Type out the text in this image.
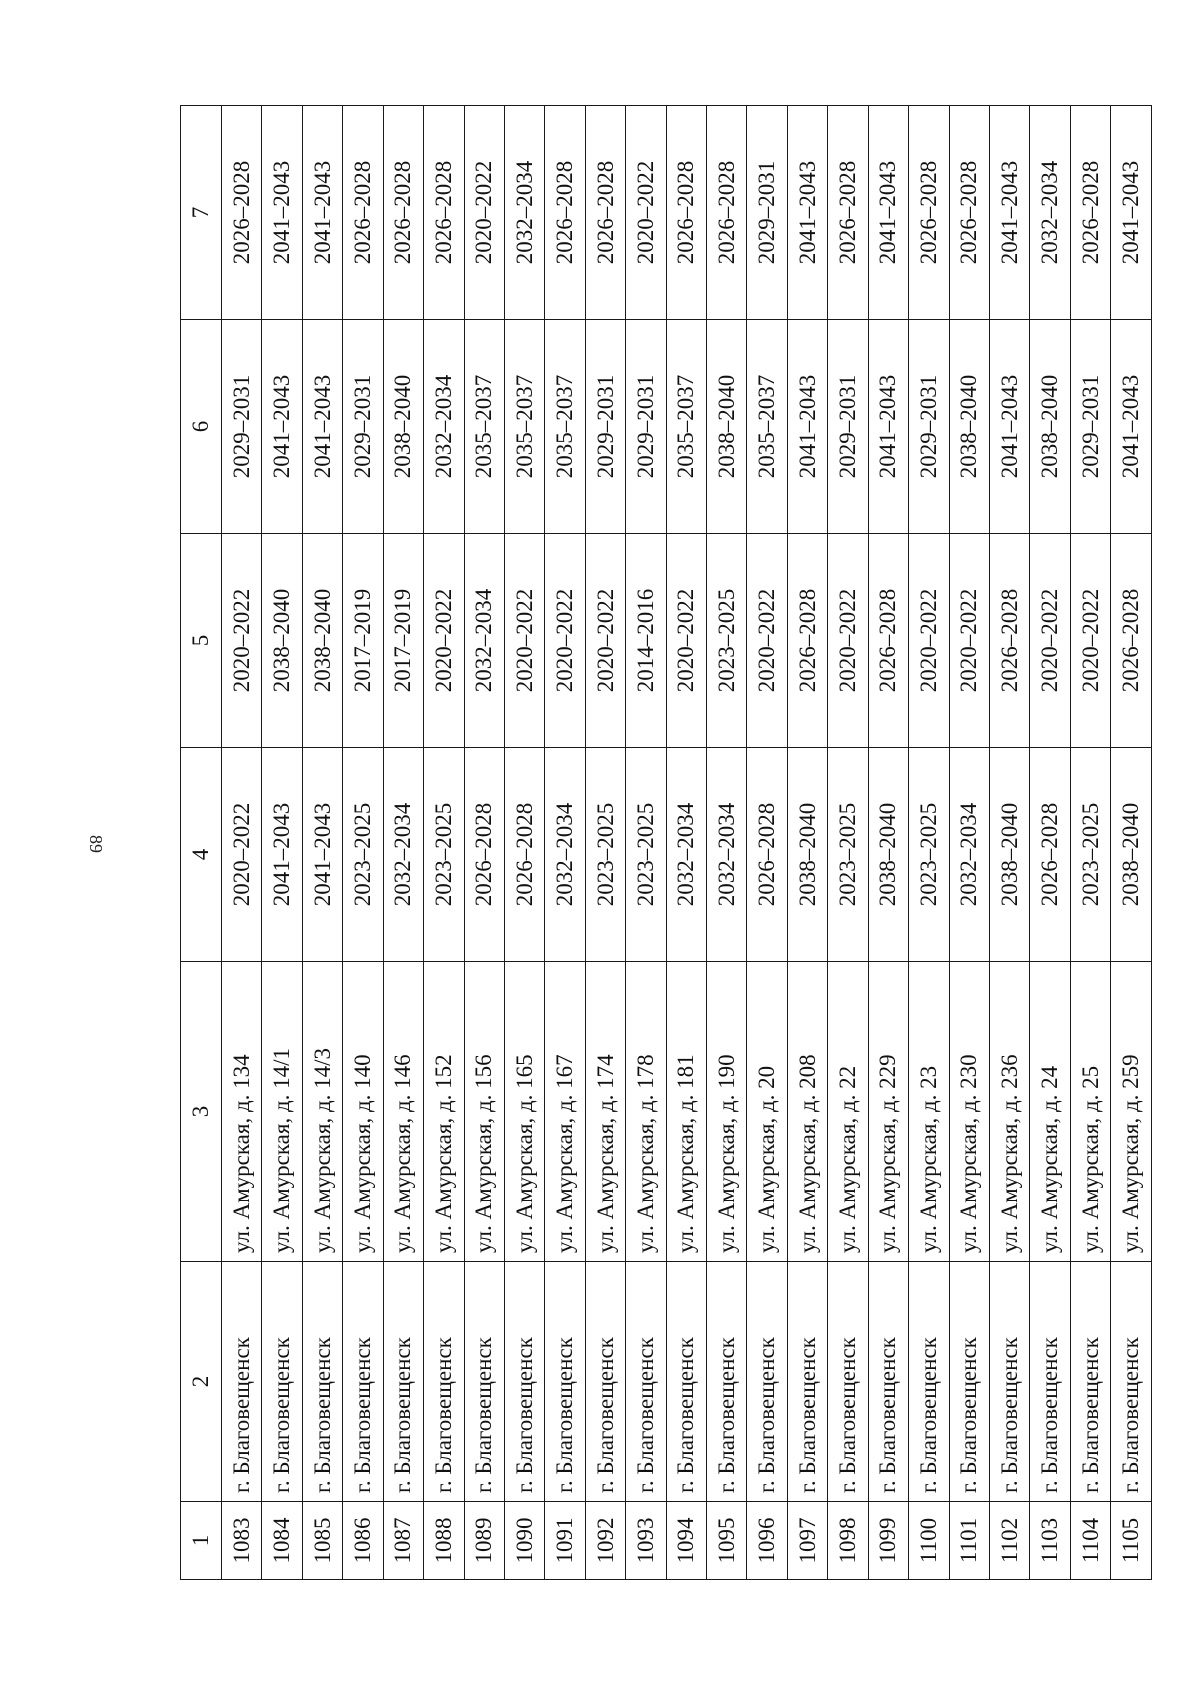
89
1	2	3	4	5	6	7
1083	г. Благовещенск	ул. Амурская, д. 134	2020–2022	2020–2022	2029–2031	2026–2028
1084	г. Благовещенск	ул. Амурская, д. 14/1	2041–2043	2038–2040	2041–2043	2041–2043
1085	г. Благовещенск	ул. Амурская, д. 14/3	2041–2043	2038–2040	2041–2043	2041–2043
1086	г. Благовещенск	ул. Амурская, д. 140	2023–2025	2017–2019	2029–2031	2026–2028
1087	г. Благовещенск	ул. Амурская, д. 146	2032–2034	2017–2019	2038–2040	2026–2028
1088	г. Благовещенск	ул. Амурская, д. 152	2023–2025	2020–2022	2032–2034	2026–2028
1089	г. Благовещенск	ул. Амурская, д. 156	2026–2028	2032–2034	2035–2037	2020–2022
1090	г. Благовещенск	ул. Амурская, д. 165	2026–2028	2020–2022	2035–2037	2032–2034
1091	г. Благовещенск	ул. Амурская, д. 167	2032–2034	2020–2022	2035–2037	2026–2028
1092	г. Благовещенск	ул. Амурская, д. 174	2023–2025	2020–2022	2029–2031	2026–2028
1093	г. Благовещенск	ул. Амурская, д. 178	2023–2025	2014–2016	2029–2031	2020–2022
1094	г. Благовещенск	ул. Амурская, д. 181	2032–2034	2020–2022	2035–2037	2026–2028
1095	г. Благовещенск	ул. Амурская, д. 190	2032–2034	2023–2025	2038–2040	2026–2028
1096	г. Благовещенск	ул. Амурская, д. 20	2026–2028	2020–2022	2035–2037	2029–2031
1097	г. Благовещенск	ул. Амурская, д. 208	2038–2040	2026–2028	2041–2043	2041–2043
1098	г. Благовещенск	ул. Амурская, д. 22	2023–2025	2020–2022	2029–2031	2026–2028
1099	г. Благовещенск	ул. Амурская, д. 229	2038–2040	2026–2028	2041–2043	2041–2043
1100	г. Благовещенск	ул. Амурская, д. 23	2023–2025	2020–2022	2029–2031	2026–2028
1101	г. Благовещенск	ул. Амурская, д. 230	2032–2034	2020–2022	2038–2040	2026–2028
1102	г. Благовещенск	ул. Амурская, д. 236	2038–2040	2026–2028	2041–2043	2041–2043
1103	г. Благовещенск	ул. Амурская, д. 24	2026–2028	2020–2022	2038–2040	2032–2034
1104	г. Благовещенск	ул. Амурская, д. 25	2023–2025	2020–2022	2029–2031	2026–2028
1105	г. Благовещенск	ул. Амурская, д. 259	2038–2040	2026–2028	2041–2043	2041–2043
